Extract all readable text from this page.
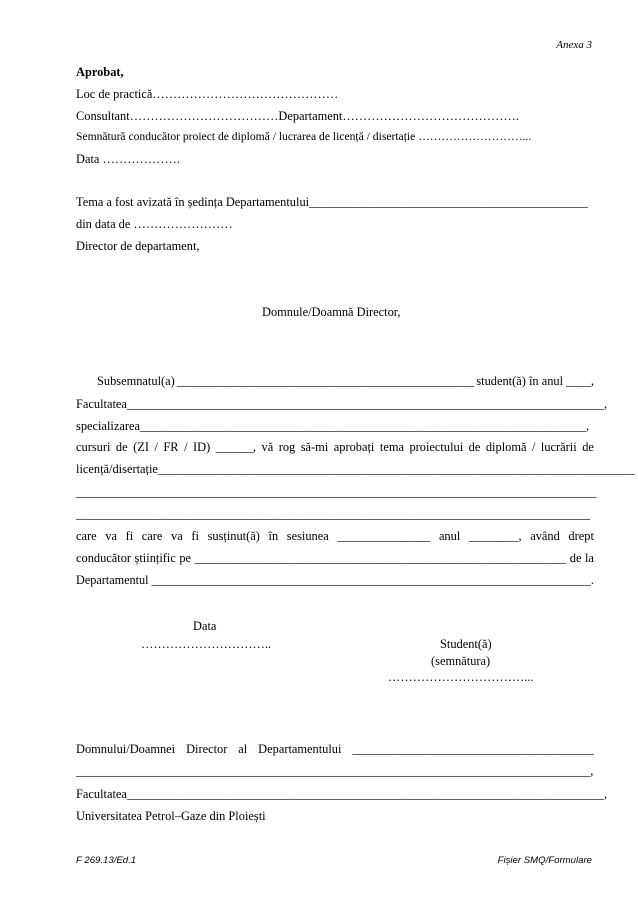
Anexa 3
Aprobat,
Loc de practică………………………………………
Consultant………………………………Departament…………………………………….
Semnătură conducător proiect de diplomă / lucrarea de licență / disertație ………………………...
Data ……………….
Tema a fost avizată în ședința Departamentului_____________________________________________
din data de ……………………
Director de departament,
Domnule/Doamnă Director,
Subsemnatul(a) ________________________________________________ student(ă) în anul ____,
Facultatea _____________________________________________________________________________,
specializarea________________________________________________________________________,
cursuri de (ZI / FR / ID) ______, vă rog să-mi aprobați tema proiectului de diplomă / lucrării de
licență / disertație _____________________________________________________________________________
____________________________________________________________________________________
___________________________________________________________________________________
care va fi care va fi susținut(ă) în sesiunea _______________ anul ________, având drept
conducător științific pe ____________________________________________________________ de la
Departamentul ________________________________________________________________________.
Data
…………………………..	Student(ă)
(semnătura)
……………………………...
Domnului/Doamnei Director al Departamentului _______________________________________
___________________________________________________________________________________,
Facultatea _____________________________________________________________________________,
Universitatea Petrol–Gaze din Ploiești
F 269.13/Ed.1	Fișier SMQ/Formulare
